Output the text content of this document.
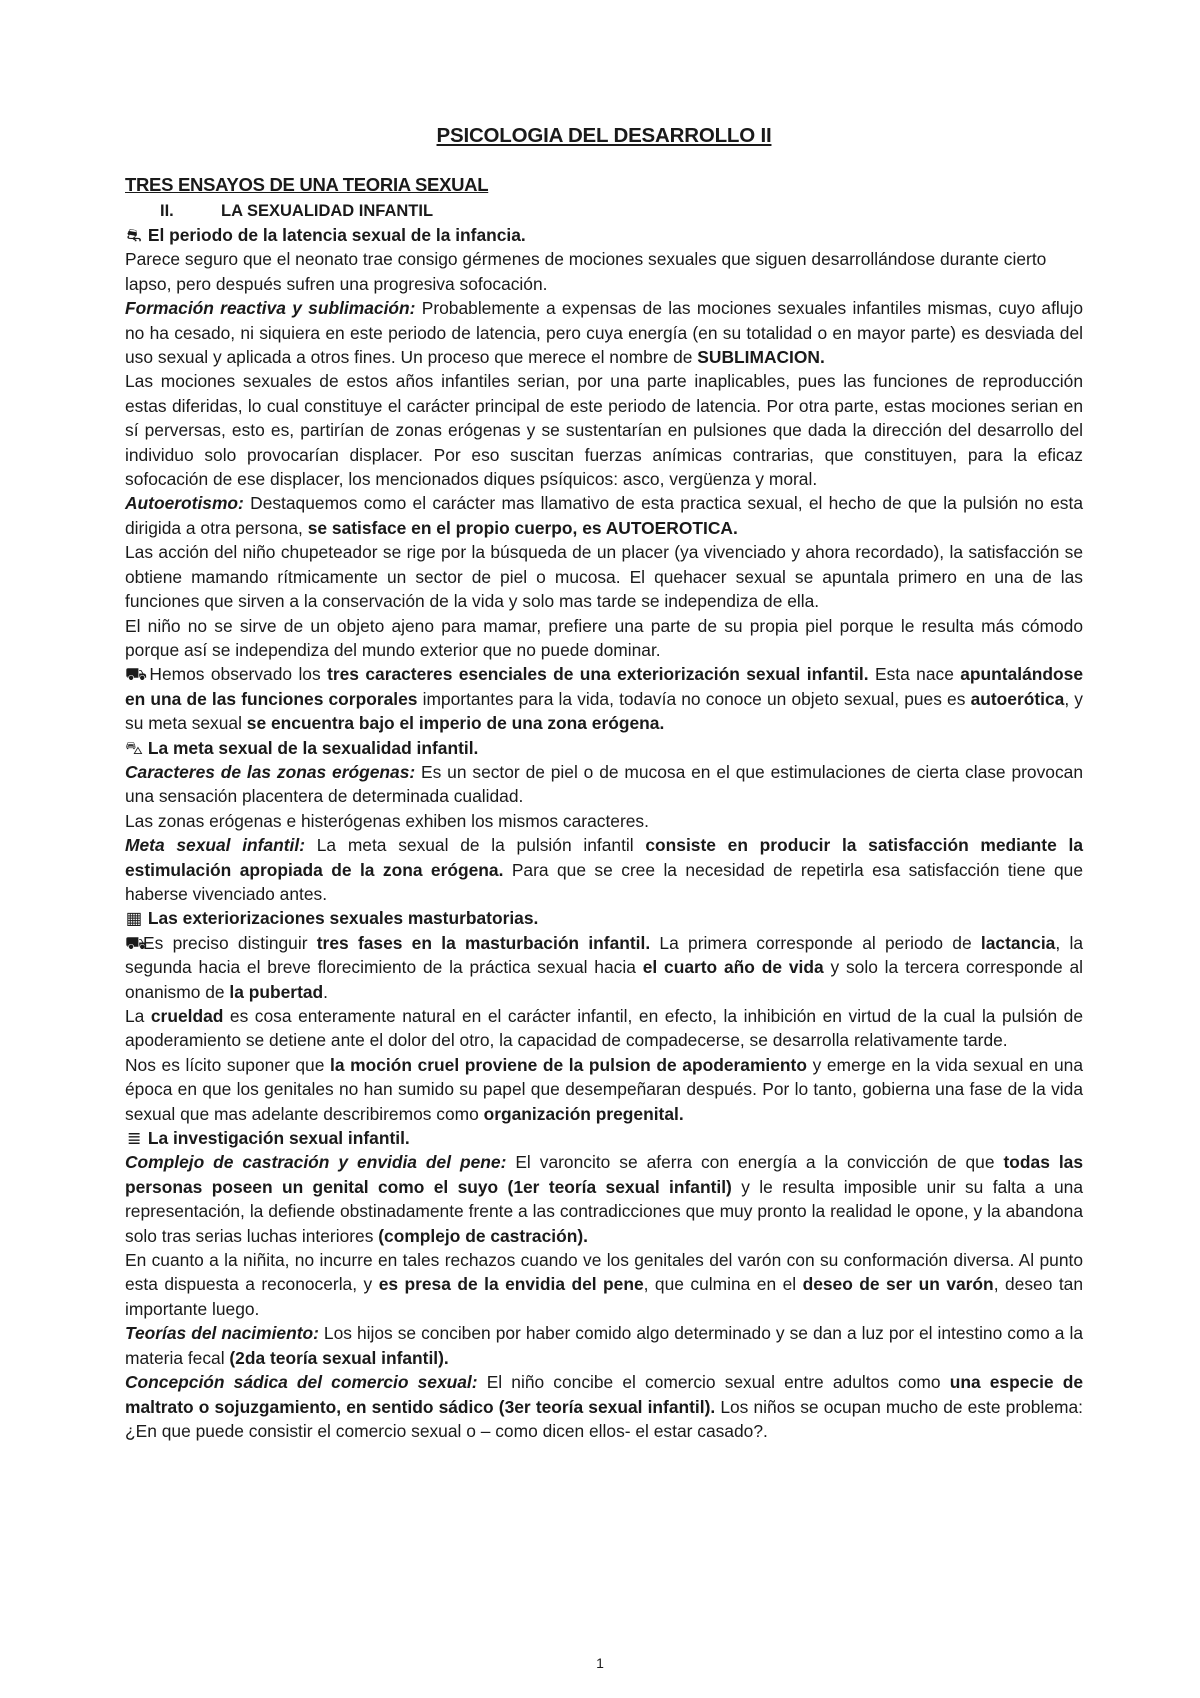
PSICOLOGIA DEL DESARROLLO II
TRES ENSAYOS DE UNA TEORIA SEXUAL
II.	LA SEXUALIDAD INFANTIL

⛐ El periodo de la latencia sexual de la infancia.

Parece seguro que el neonato trae consigo gérmenes de mociones sexuales que siguen desarrollándose durante cierto lapso, pero después sufren una progresiva sofocación.

Formación reactiva y sublimación: Probablemente a expensas de las mociones sexuales infantiles mismas, cuyo aflujo no ha cesado, ni siquiera en este periodo de latencia, pero cuya energía (en su totalidad o en mayor parte) es desviada del uso sexual y aplicada a otros fines. Un proceso que merece el nombre de SUBLIMACION.

Las mociones sexuales de estos años infantiles serian, por una parte inaplicables, pues las funciones de reproducción estas diferidas, lo cual constituye el carácter principal de este periodo de latencia. Por otra parte, estas mociones serian en sí perversas, esto es, partirían de zonas erógenas y se sustentarían en pulsiones que dada la dirección del desarrollo del individuo solo provocarían displacer. Por eso suscitan fuerzas anímicas contrarias, que constituyen, para la eficaz sofocación de ese displacer, los mencionados diques psíquicos: asco, vergüenza y moral.

Autoerotismo: Destaquemos como el carácter mas llamativo de esta practica sexual, el hecho de que la pulsión no esta dirigida a otra persona, se satisface en el propio cuerpo, es AUTOEROTICA.

Las acción del niño chupeteador se rige por la búsqueda de un placer (ya vivenciado y ahora recordado), la satisfacción se obtiene mamando rítmicamente un sector de piel o mucosa. El quehacer sexual se apuntala primero en una de las funciones que sirven a la conservación de la vida y solo mas tarde se independiza de ella.

El niño no se sirve de un objeto ajeno para mamar, prefiere una parte de su propia piel porque le resulta más cómodo porque así se independiza del mundo exterior que no puede dominar.

⛟ Hemos observado los tres caracteres esenciales de una exteriorización sexual infantil. Esta nace apuntalándose en una de las funciones corporales importantes para la vida, todavía no conoce un objeto sexual, pues es autoerótica, y su meta sexual se encuentra bajo el imperio de una zona erógena.

⛍ La meta sexual de la sexualidad infantil.

Caracteres de las zonas erógenas: Es un sector de piel o de mucosa en el que estimulaciones de cierta clase provocan una sensación placentera de determinada cualidad.

Las zonas erógenas e histerógenas exhiben los mismos caracteres.

Meta sexual infantil: La meta sexual de la pulsión infantil consiste en producir la satisfacción mediante la estimulación apropiada de la zona erógena. Para que se cree la necesidad de repetirla esa satisfacción tiene que haberse vivenciado antes.

▦ Las exteriorizaciones sexuales masturbatorias.

⛟Es preciso distinguir tres fases en la masturbación infantil. La primera corresponde al periodo de lactancia, la segunda hacia el breve florecimiento de la práctica sexual hacia el cuarto año de vida y solo la tercera corresponde al onanismo de la pubertad.

La crueldad es cosa enteramente natural en el carácter infantil, en efecto, la inhibición en virtud de la cual la pulsión de apoderamiento se detiene ante el dolor del otro, la capacidad de compadecerse, se desarrolla relativamente tarde.

Nos es lícito suponer que la moción cruel proviene de la pulsion de apoderamiento y emerge en la vida sexual en una época en que los genitales no han sumido su papel que desempeñaran después. Por lo tanto, gobierna una fase de la vida sexual que mas adelante describiremos como organización pregenital.

≣ La investigación sexual infantil.

Complejo de castración y envidia del pene: El varoncito se aferra con energía a la convicción de que todas las personas poseen un genital como el suyo (1er teoría sexual infantil) y le resulta imposible unir su falta a una representación, la defiende obstinadamente frente a las contradicciones que muy pronto la realidad le opone, y la abandona solo tras serias luchas interiores (complejo de castración).

En cuanto a la niñita, no incurre en tales rechazos cuando ve los genitales del varón con su conformación diversa. Al punto esta dispuesta a reconocerla, y es presa de la envidia del pene, que culmina en el deseo de ser un varón, deseo tan importante luego.

Teorías del nacimiento: Los hijos se conciben por haber comido algo determinado y se dan a luz por el intestino como a la materia fecal (2da teoría sexual infantil).

Concepción sádica del comercio sexual: El niño concibe el comercio sexual entre adultos como una especie de maltrato o sojuzgamiento, en sentido sádico (3er teoría sexual infantil). Los niños se ocupan mucho de este problema: ¿En que puede consistir el comercio sexual o – como dicen ellos- el estar casado?.

1
